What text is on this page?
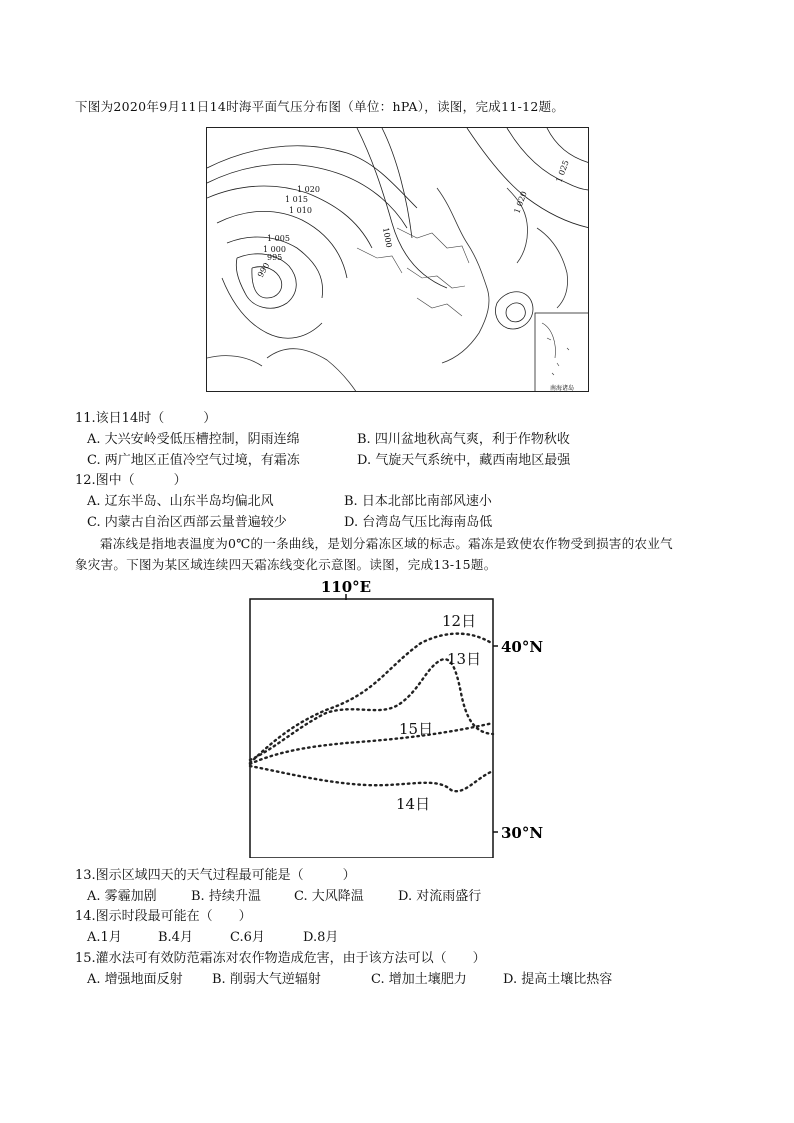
下图为2020年9月11日14时海平面气压分布图（单位：hPA），读图，完成11-12题。
1 020
1 015
1 010
1 005
1 000
995
990
1 020
1 025
1000
南海诸岛
11.该日14时（　　　）
A. 大兴安岭受低压槽控制，阴雨连绵	B. 四川盆地秋高气爽，利于作物秋收
C. 两广地区正值冷空气过境，有霜冻	D. 气旋天气系统中，藏西南地区最强
12.图中（　　　）
A. 辽东半岛、山东半岛均偏北风	B. 日本北部比南部风速小
C. 内蒙古自治区西部云量普遍较少	D. 台湾岛气压比海南岛低
霜冻线是指地表温度为0℃的一条曲线，是划分霜冻区域的标志。霜冻是致使农作物受到损害的农业气
象灾害。下图为某区域连续四天霜冻线变化示意图。读图，完成13-15题。
110°E
40°N
30°N
12日
13日
15日
14日
13.图示区域四天的天气过程最可能是（　　　）
A. 雾霾加剧	B. 持续升温	C. 大风降温	D. 对流雨盛行
14.图示时段最可能在（　　）
A.1月	B.4月	C.6月	D.8月
15.灌水法可有效防范霜冻对农作物造成危害，由于该方法可以（　　）
A. 增强地面反射 B. 削弱大气逆辐射	C. 增加土壤肥力	D. 提高土壤比热容
